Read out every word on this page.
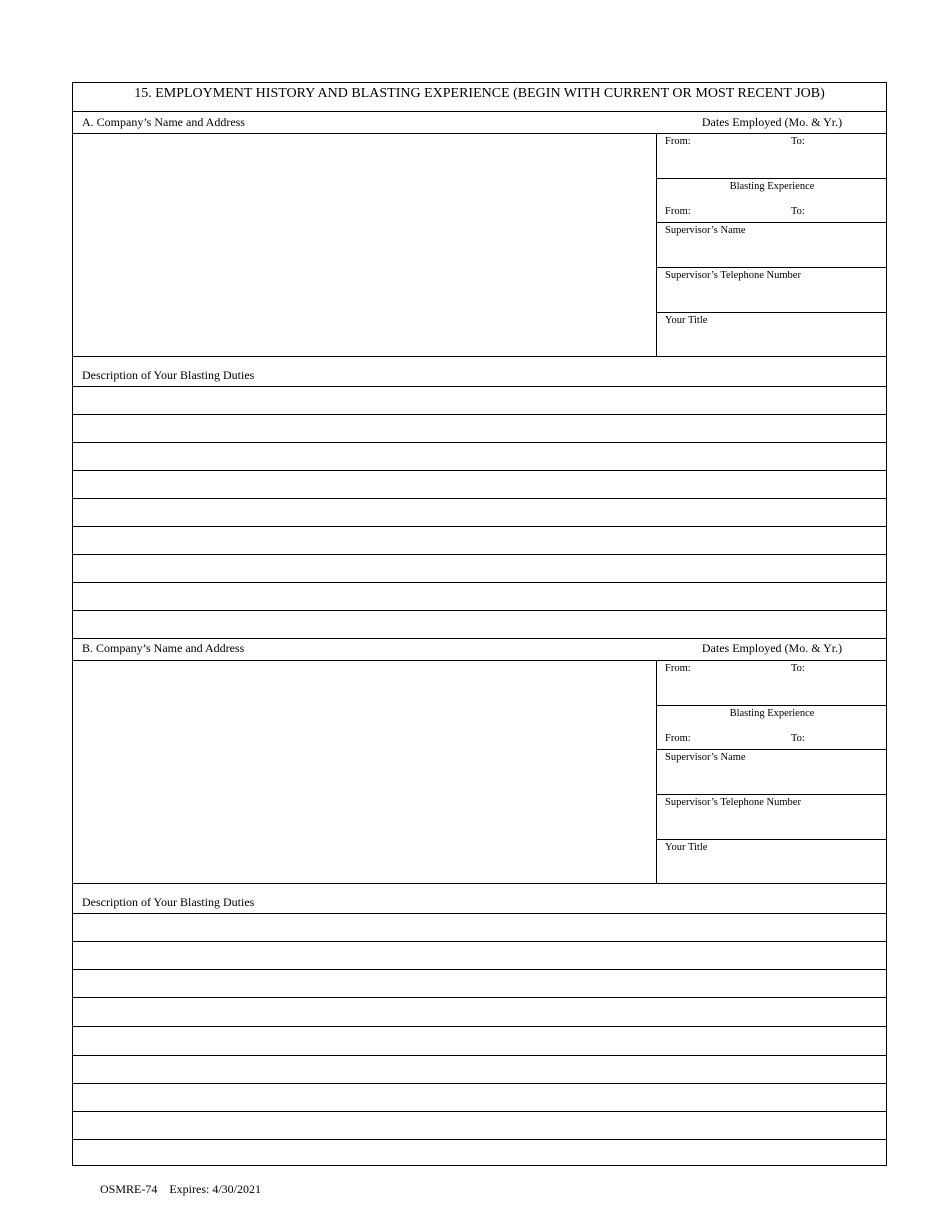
15. EMPLOYMENT HISTORY AND BLASTING EXPERIENCE (BEGIN WITH CURRENT OR MOST RECENT JOB)
A. Company’s Name and Address	Dates Employed (Mo. & Yr.)
From:	To:
Blasting Experience
From:	To:
Supervisor’s Name
Supervisor’s Telephone Number
Your Title
Description of Your Blasting Duties
B. Company’s Name and Address	Dates Employed (Mo. & Yr.)
From:	To:
Blasting Experience
From:	To:
Supervisor’s Name
Supervisor’s Telephone Number
Your Title
Description of Your Blasting Duties
OSMRE-74 Expires: 4/30/2021
